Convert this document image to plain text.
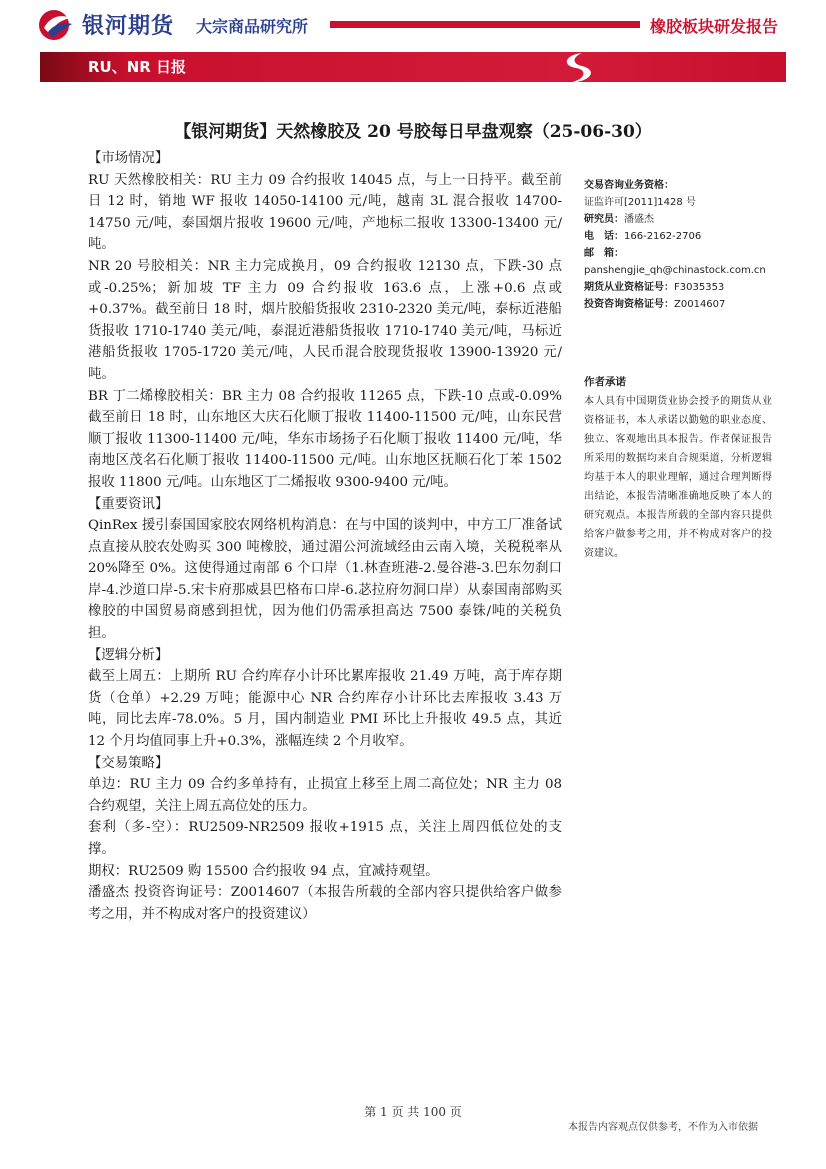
银河期货 大宗商品研究所	橡胶板块研发报告
RU、NR 日报
【银河期货】天然橡胶及 20 号胶每日早盘观察（25-06-30）

【市场情况】

RU 天然橡胶相关：RU 主力 09 合约报收 14045 点，与上一日持平。截至前日 12 时，销地 WF 报收 14050-14100 元/吨，越南 3L 混合报收 14700-14750 元/吨，泰国烟片报收 19600 元/吨，产地标二报收 13300-13400 元/吨。

NR 20 号胶相关：NR 主力完成换月，09 合约报收 12130 点，下跌-30 点或-0.25%；新加坡 TF 主力 09 合约报收 163.6 点，上涨+0.6 点或+0.37%。截至前日 18 时，烟片胶船货报收 2310-2320 美元/吨，泰标近港船货报收 1710-1740 美元/吨，泰混近港船货报收 1710-1740 美元/吨，马标近港船货报收 1705-1720 美元/吨，人民币混合胶现货报收 13900-13920 元/吨。

BR 丁二烯橡胶相关：BR 主力 08 合约报收 11265 点，下跌-10 点或-0.09% 截至前日 18 时，山东地区大庆石化顺丁报收 11400-11500 元/吨，山东民营顺丁报收 11300-11400 元/吨，华东市场扬子石化顺丁报收 11400 元/吨，华南地区茂名石化顺丁报收 11400-11500 元/吨。山东地区抚顺石化丁苯 1502 报收 11800 元/吨。山东地区丁二烯报收 9300-9400 元/吨。

【重要资讯】

QinRex 援引泰国国家胶农网络机构消息：在与中国的谈判中，中方工厂准备试点直接从胶农处购买 300 吨橡胶，通过湄公河流域经由云南入境，关税税率从 20%降至 0%。这使得通过南部 6 个口岸（1.林查班港-2.曼谷港-3.巴东勿刹口岸-4.沙道口岸-5.宋卡府那威县巴格布口岸-6.苾拉府勿洞口岸）从泰国南部购买橡胶的中国贸易商感到担忧，因为他们仍需承担高达 7500 泰铢/吨的关税负担。

【逻辑分析】

截至上周五：上期所 RU 合约库存小计环比累库报收 21.49 万吨，高于库存期货（仓单）+2.29 万吨；能源中心 NR 合约库存小计环比去库报收 3.43 万吨，同比去库-78.0%。5 月，国内制造业 PMI 环比上升报收 49.5 点，其近 12 个月均值同事上升+0.3%，涨幅连续 2 个月收窄。

【交易策略】

单边：RU 主力 09 合约多单持有，止损宜上移至上周二高位处；NR 主力 08 合约观望，关注上周五高位处的压力。

套利（多-空）：RU2509-NR2509 报收+1915 点，关注上周四低位处的支撑。

期权：RU2509 购 15500 合约报收 94 点，宜减持观望。

潘盛杰 投资咨询证号：Z0014607（本报告所载的全部内容只提供给客户做参考之用，并不构成对客户的投资建议）

交易咨询业务资格：
证监许可[2011]1428 号
研究员：潘盛杰
电　话：166-2162-2706
邮　箱：
panshengjie_qh@chinastock.com.cn
期货从业资格证号：F3035353
投资咨询资格证号：Z0014607
作者承诺
本人具有中国期货业协会授予的期货从业资格证书，本人承诺以勤勉的职业态度、独立、客观地出具本报告。作者保证报告所采用的数据均来自合规渠道，分析逻辑均基于本人的职业理解，通过合理判断得出结论，本报告清晰准确地反映了本人的研究观点。本报告所载的全部内容只提供给客户做参考之用，并不构成对客户的投资建议。
第 1 页 共 100 页
本报告内容观点仅供参考，不作为入市依据
